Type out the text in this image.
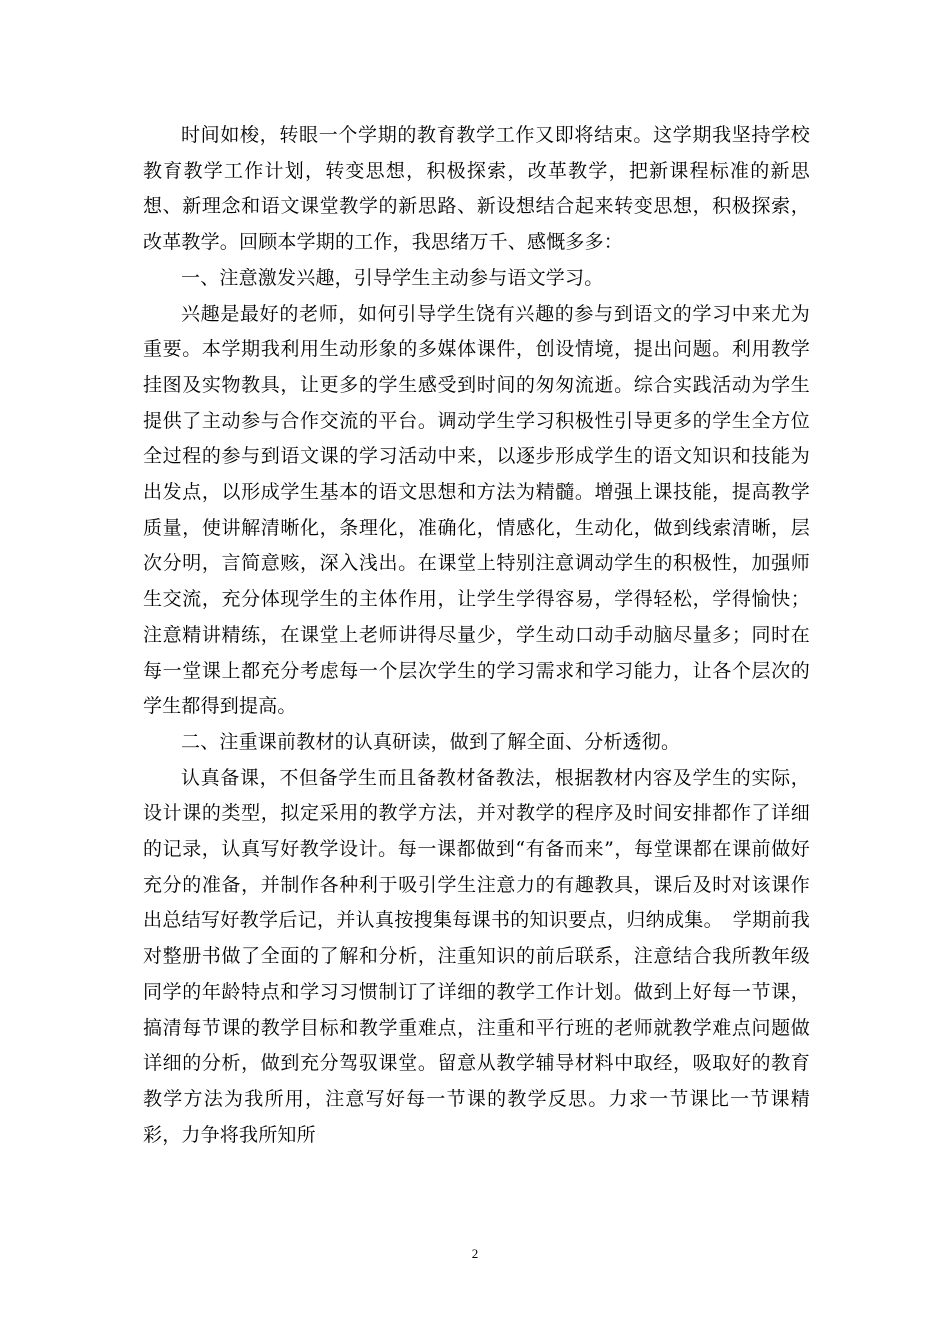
时间如梭，转眼一个学期的教育教学工作又即将结束。这学期我坚持学校教育教学工作计划，转变思想，积极探索，改革教学，把新课程标准的新思想、新理念和语文课堂教学的新思路、新设想结合起来转变思想，积极探索，改革教学。回顾本学期的工作，我思绪万千、感慨多多：

一、注意激发兴趣，引导学生主动参与语文学习。

兴趣是最好的老师，如何引导学生饶有兴趣的参与到语文的学习中来尤为重要。本学期我利用生动形象的多媒体课件，创设情境，提出问题。利用教学挂图及实物教具，让更多的学生感受到时间的匆匆流逝。综合实践活动为学生提供了主动参与合作交流的平台。调动学生学习积极性引导更多的学生全方位全过程的参与到语文课的学习活动中来，以逐步形成学生的语文知识和技能为出发点，以形成学生基本的语文思想和方法为精髓。增强上课技能，提高教学质量，使讲解清晰化，条理化，准确化，情感化，生动化，做到线索清晰，层次分明，言简意赅，深入浅出。在课堂上特别注意调动学生的积极性，加强师生交流，充分体现学生的主体作用，让学生学得容易，学得轻松，学得愉快；注意精讲精练，在课堂上老师讲得尽量少，学生动口动手动脑尽量多；同时在每一堂课上都充分考虑每一个层次学生的学习需求和学习能力，让各个层次的学生都得到提高。

二、注重课前教材的认真研读，做到了解全面、分析透彻。

认真备课，不但备学生而且备教材备教法，根据教材内容及学生的实际，设计课的类型，拟定采用的教学方法，并对教学的程序及时间安排都作了详细的记录，认真写好教学设计。每一课都做到“有备而来”，每堂课都在课前做好充分的准备，并制作各种利于吸引学生注意力的有趣教具，课后及时对该课作出总结写好教学后记，并认真按搜集每课书的知识要点，归纳成集。　学期前我对整册书做了全面的了解和分析，注重知识的前后联系，注意结合我所教年级同学的年龄特点和学习习惯制订了详细的教学工作计划。做到上好每一节课，搞清每节课的教学目标和教学重难点，注重和平行班的老师就教学难点问题做详细的分析，做到充分驾驭课堂。留意从教学辅导材料中取经，吸取好的教育教学方法为我所用，注意写好每一节课的教学反思。力求一节课比一节课精彩，力争将我所知所

2
